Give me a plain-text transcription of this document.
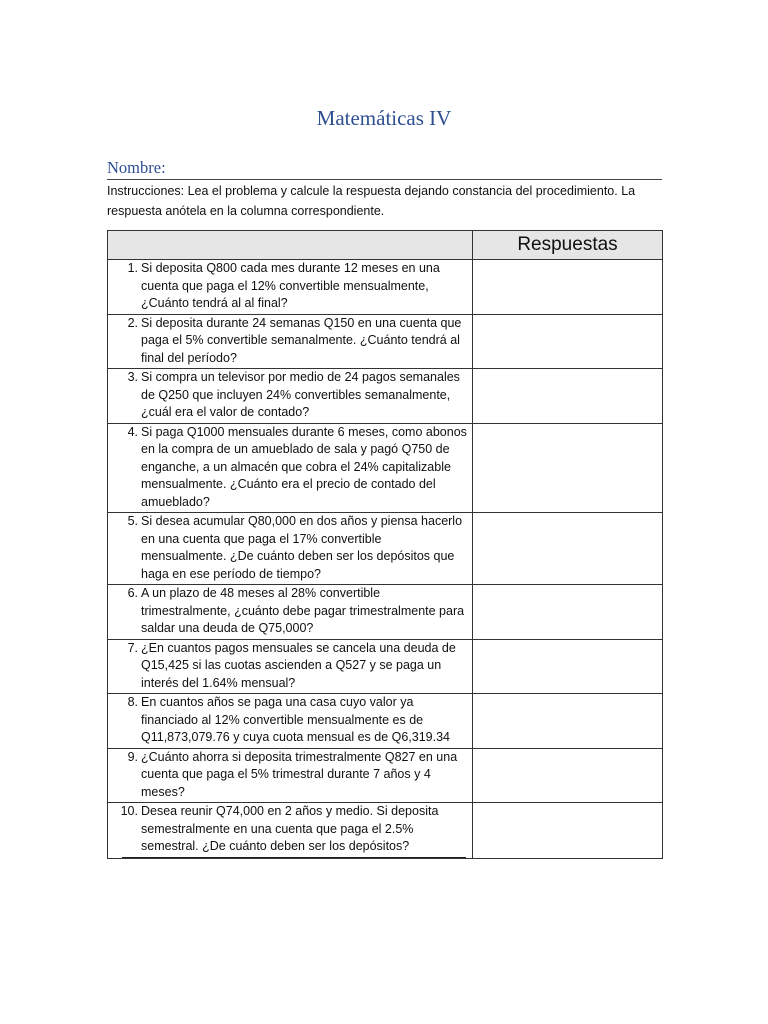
Matemáticas IV
Nombre:
Instrucciones: Lea el problema y calcule la respuesta dejando constancia del procedimiento. La respuesta anótela en la columna correspondiente.
	Respuestas

1. Si deposita Q800 cada mes durante 12 meses en una cuenta que paga el 12% convertible mensualmente, ¿Cuánto tendrá al al final?	

2. Si deposita durante 24 semanas Q150 en una cuenta que paga el 5% convertible semanalmente. ¿Cuánto tendrá al final del período?	

3. Si compra un televisor por medio de 24 pagos semanales de Q250 que incluyen 24% convertibles semanalmente, ¿cuál era el valor de contado?	

4. Si paga Q1000 mensuales durante 6 meses, como abonos en la compra de un amueblado de sala y pagó Q750 de enganche, a un almacén que cobra el 24% capitalizable mensualmente. ¿Cuánto era el precio de contado del amueblado?	

5. Si desea acumular Q80,000 en dos años y piensa hacerlo en una cuenta que paga el 17% convertible mensualmente. ¿De cuánto deben ser los depósitos que haga en ese período de tiempo?	

6. A un plazo de 48 meses al 28% convertible trimestralmente, ¿cuánto debe pagar trimestralmente para saldar una deuda de Q75,000?	

7. ¿En cuantos pagos mensuales se cancela una deuda de Q15,425 si las cuotas ascienden a Q527 y se paga un interés del 1.64% mensual?	

8. En cuantos años se paga una casa cuyo valor ya financiado al 12% convertible mensualmente es de Q11,873,079.76 y cuya cuota mensual es de Q6,319.34	

9. ¿Cuánto ahorra si deposita trimestralmente Q827 en una cuenta que paga el 5% trimestral durante 7 años y 4 meses?	

10. Desea reunir Q74,000 en 2 años y medio. Si deposita semestralmente en una cuenta que paga el 2.5% semestral. ¿De cuánto deben ser los depósitos?	
